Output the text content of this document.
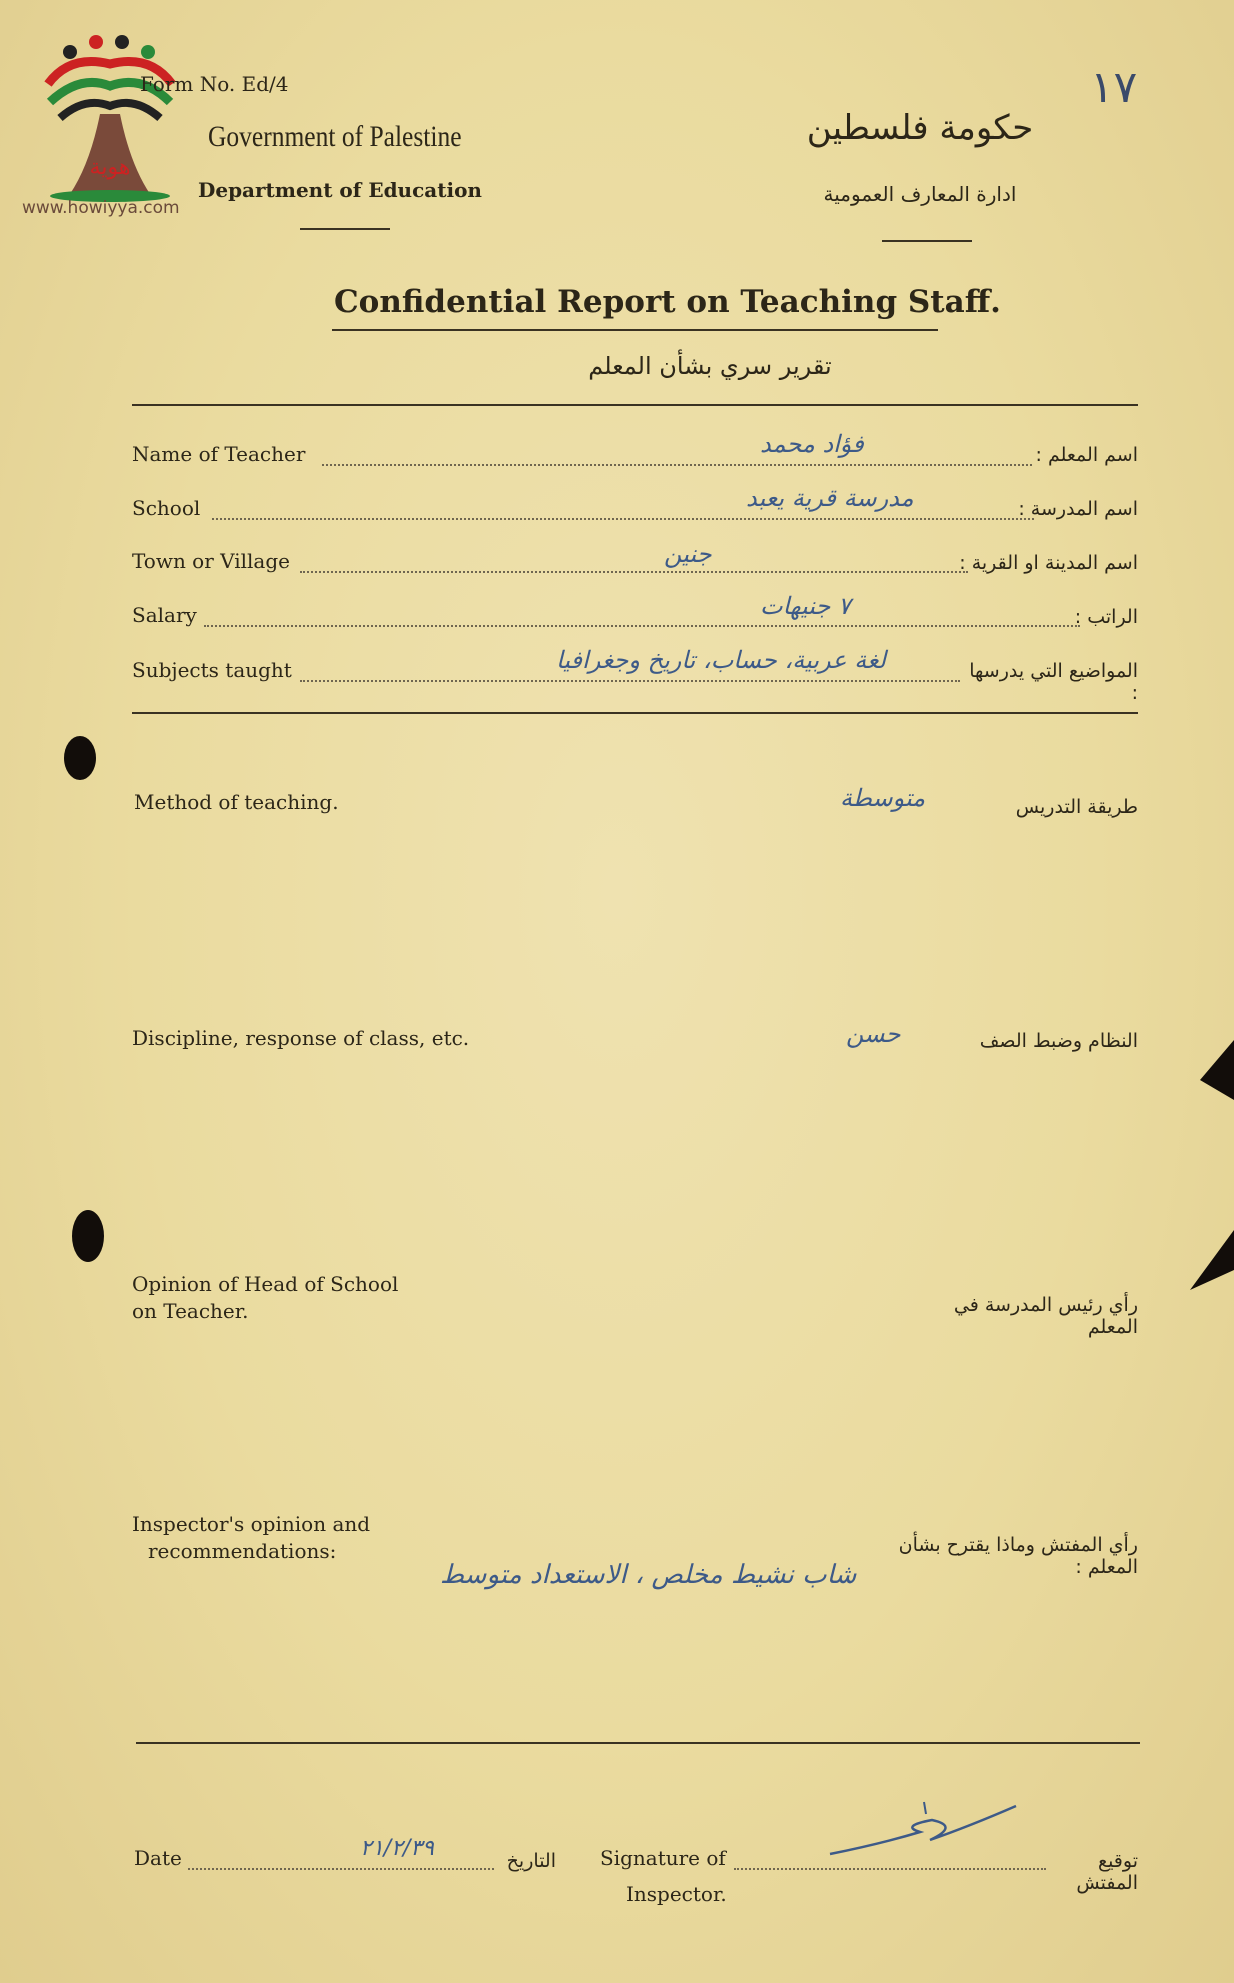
هوية
www.howiyya.com
Form No. Ed/4
Government of Palestine
Department of Education
حكومة فلسطين
ادارة المعارف العمومية
١٧
Confidential Report on Teaching Staff.
تقرير سري بشأن المعلم
Name of Teacher	فؤاد محمد	اسم المعلم :
School	مدرسة قرية يعبد	اسم المدرسة :
Town or Village	جنين	اسم المدينة او القرية :
Salary	٧ جنيهات	الراتب :
Subjects taught	لغة عربية، حساب، تاريخ وجغرافيا	المواضيع التي يدرسها :
Method of teaching.	متوسطة	طريقة التدريس
Discipline, response of class, etc.	حسن	النظام وضبط الصف
Opinion of Head of School
on Teacher.	رأي رئيس المدرسة في المعلم
Inspector's opinion and
recommendations:
شاب نشيط مخلص ، الاستعداد متوسط
رأي المفتش وماذا يقترح بشأن المعلم :
Date	٢١/٢/٣٩	التاريخ Signature of
Inspector.
توقيع المفتش
